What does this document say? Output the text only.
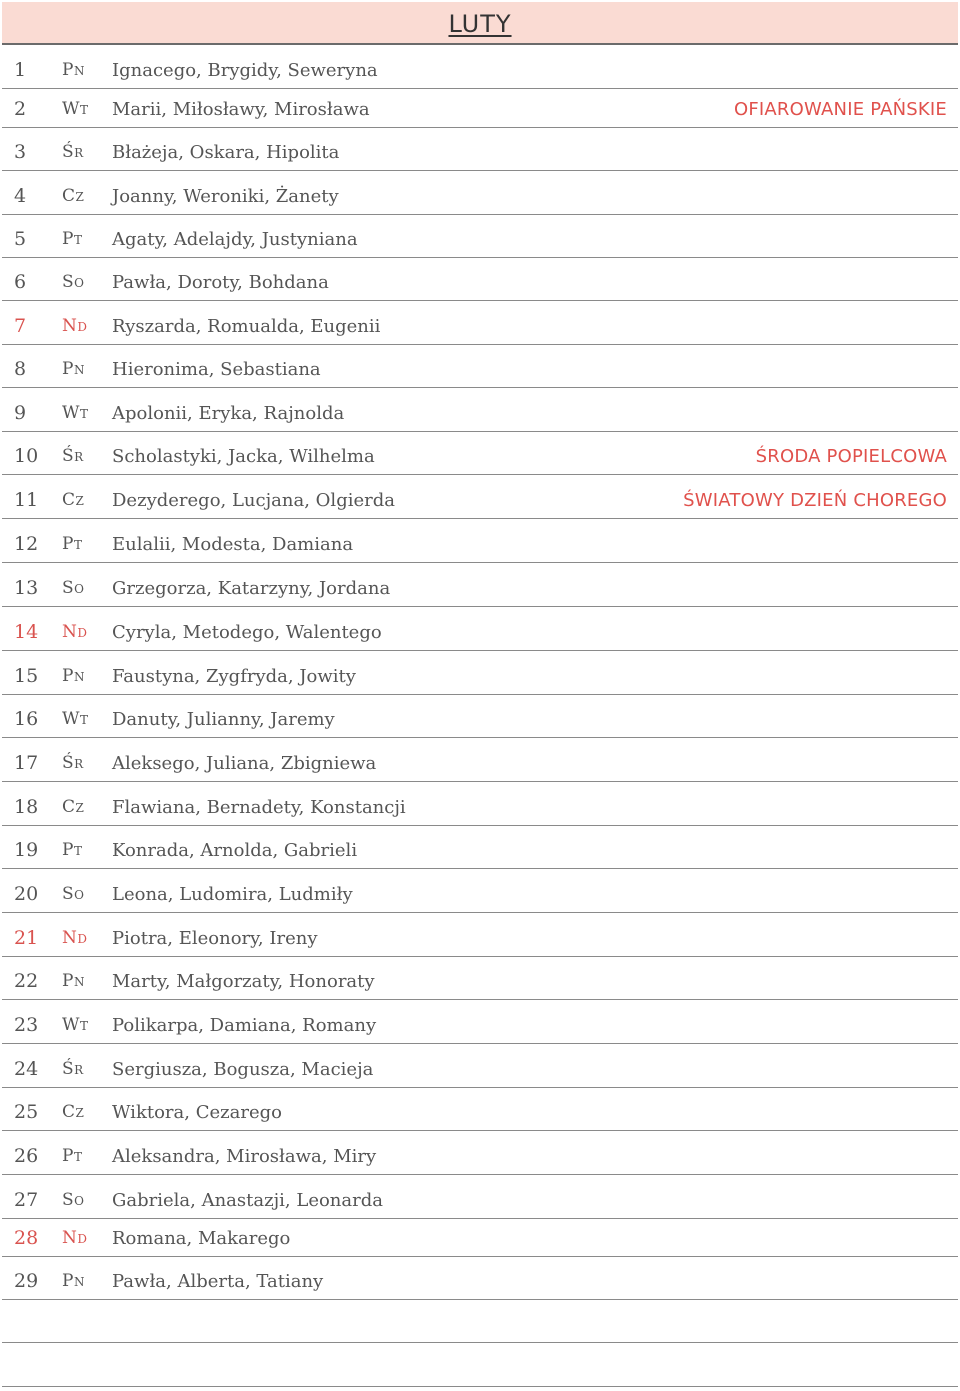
LUTY
1 Pn Ignacego, Brygidy, Seweryna
2 Wt Marii, Miłosławy, Mirosława	OFIAROWANIE PAŃSKIE
3 Śr Błażeja, Oskara, Hipolita
4 Cz Joanny, Weroniki, Żanety
5 Pt Agaty, Adelajdy, Justyniana
6 So Pawła, Doroty, Bohdana
7 Nd Ryszarda, Romualda, Eugenii
8 Pn Hieronima, Sebastiana
9 Wt Apolonii, Eryka, Rajnolda
10 Śr Scholastyki, Jacka, Wilhelma	ŚRODA POPIELCOWA
11 Cz Dezyderego, Lucjana, Olgierda	ŚWIATOWY DZIEŃ CHOREGO
12 Pt Eulalii, Modesta, Damiana
13 So Grzegorza, Katarzyny, Jordana
14 Nd Cyryla, Metodego, Walentego
15 Pn Faustyna, Zygfryda, Jowity
16 Wt Danuty, Julianny, Jaremy
17 Śr Aleksego, Juliana, Zbigniewa
18 Cz Flawiana, Bernadety, Konstancji
19 Pt Konrada, Arnolda, Gabrieli
20 So Leona, Ludomira, Ludmiły
21 Nd Piotra, Eleonory, Ireny
22 Pn Marty, Małgorzaty, Honoraty
23 Wt Polikarpa, Damiana, Romany
24 Śr Sergiusza, Bogusza, Macieja
25 Cz Wiktora, Cezarego
26 Pt Aleksandra, Mirosława, Miry
27 So Gabriela, Anastazji, Leonarda
28 Nd Romana, Makarego
29 Pn Pawła, Alberta, Tatiany
